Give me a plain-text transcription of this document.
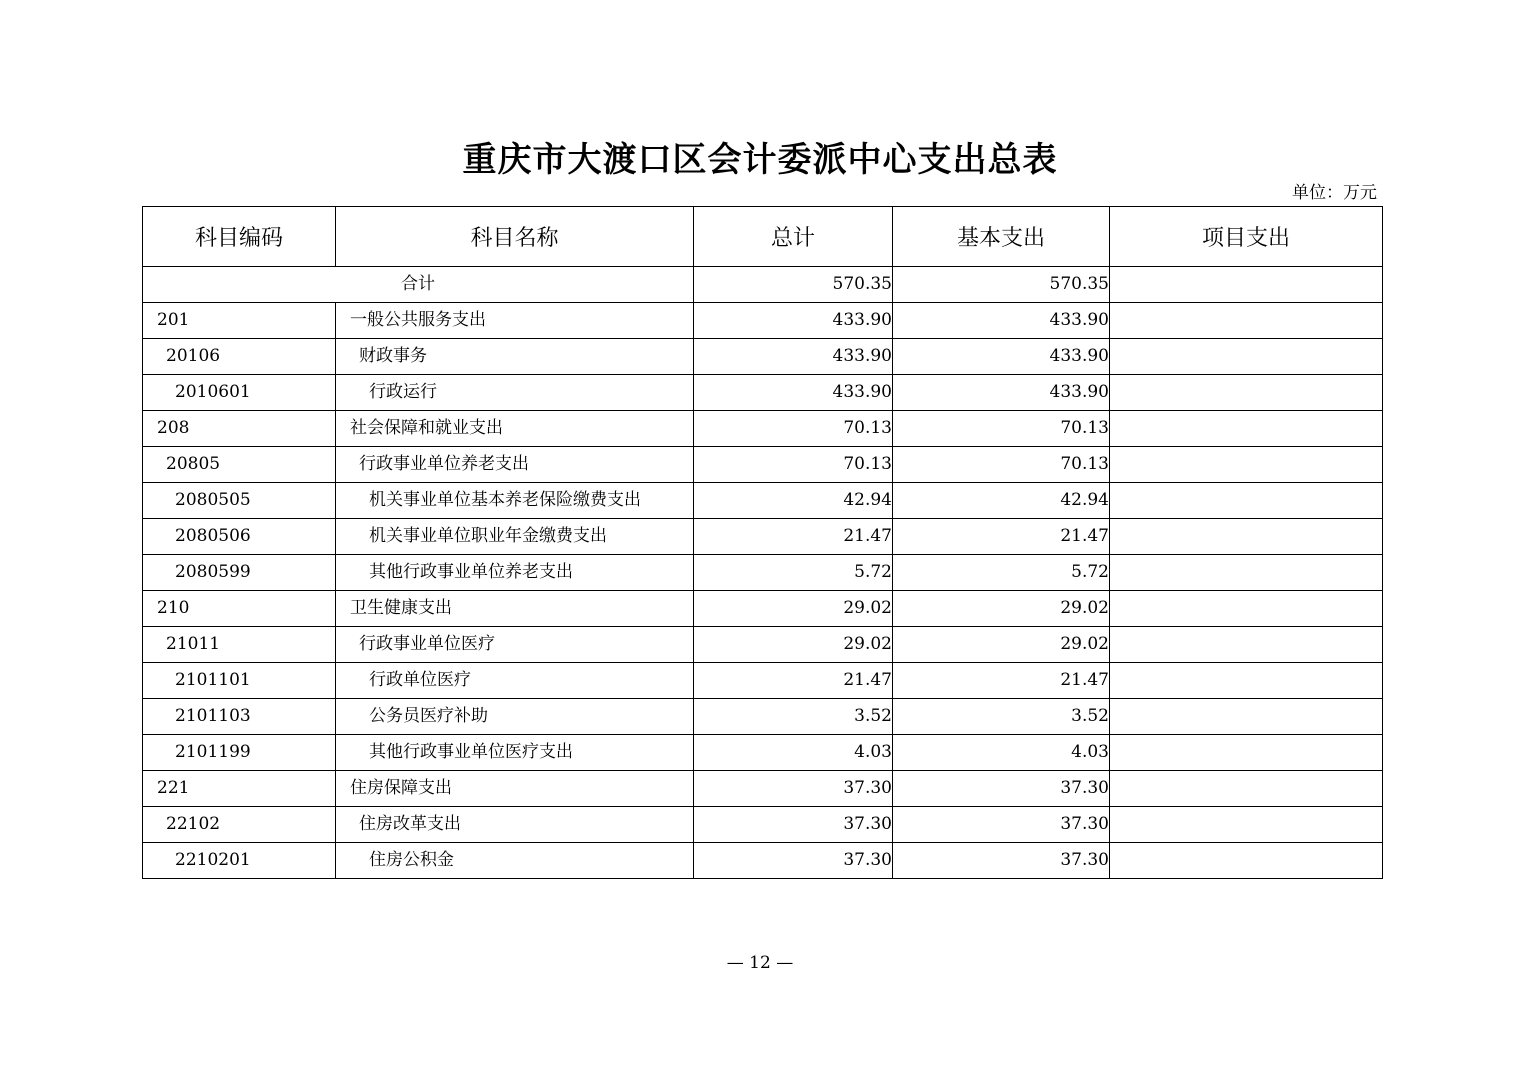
重庆市大渡口区会计委派中心支出总表
单位：万元
科目编码	科目名称	总计	基本支出	项目支出
合计		570.35	570.35	
201	一般公共服务支出	433.90	433.90	
20106	财政事务	433.90	433.90	
2010601	行政运行	433.90	433.90	
208	社会保障和就业支出	70.13	70.13	
20805	行政事业单位养老支出	70.13	70.13	
2080505	机关事业单位基本养老保险缴费支出	42.94	42.94	
2080506	机关事业单位职业年金缴费支出	21.47	21.47	
2080599	其他行政事业单位养老支出	5.72	5.72	
210	卫生健康支出	29.02	29.02	
21011	行政事业单位医疗	29.02	29.02	
2101101	行政单位医疗	21.47	21.47	
2101103	公务员医疗补助	3.52	3.52	
2101199	其他行政事业单位医疗支出	4.03	4.03	
221	住房保障支出	37.30	37.30	
22102	住房改革支出	37.30	37.30	
2210201	住房公积金	37.30	37.30	
— 12 —
